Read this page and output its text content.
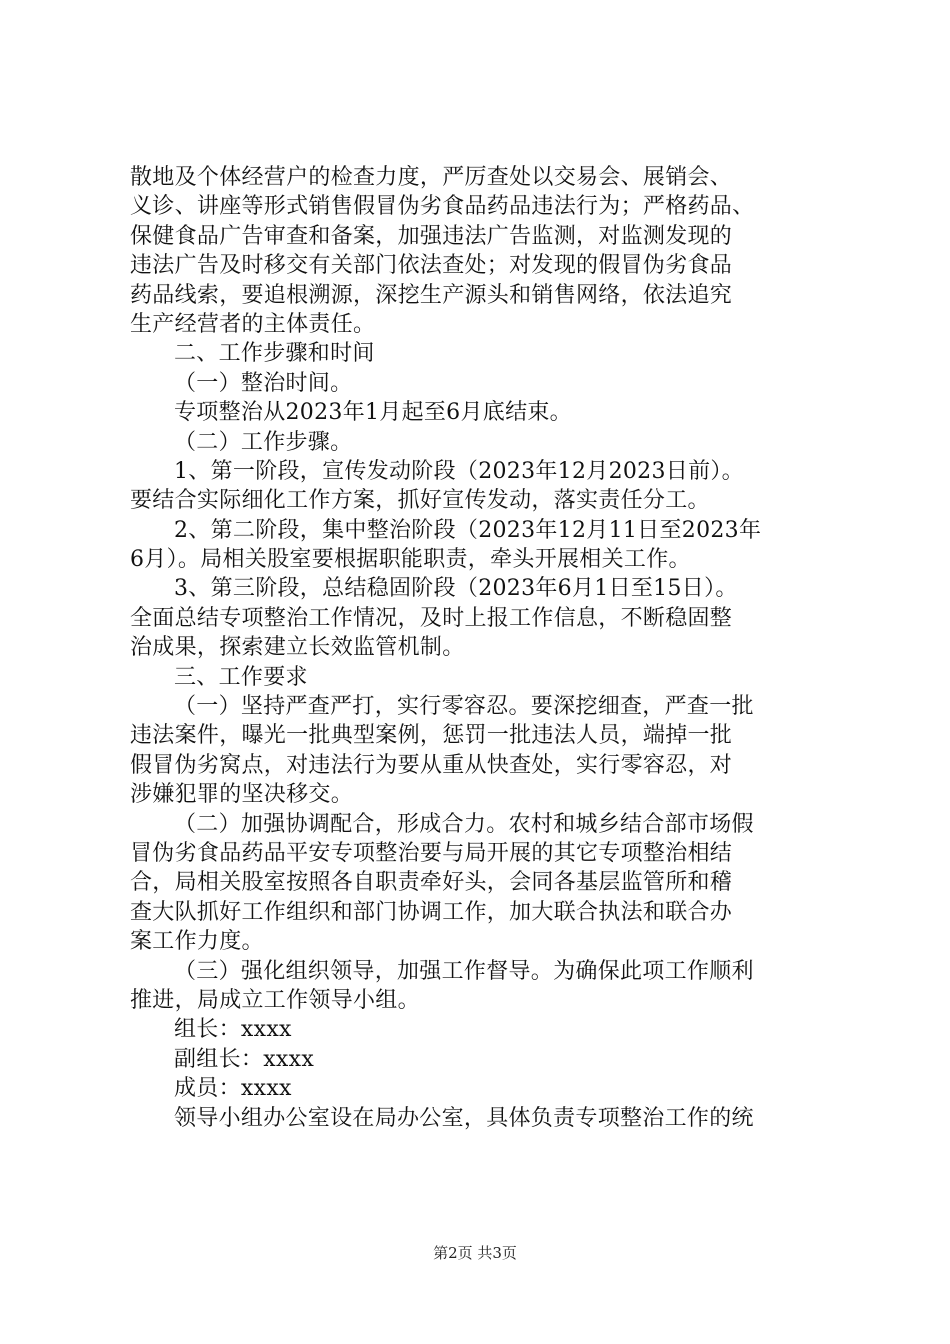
散地及个体经营户的检查力度，严厉查处以交易会、展销会、
义诊、讲座等形式销售假冒伪劣食品药品违法行为；严格药品、
保健食品广告审查和备案，加强违法广告监测，对监测发现的
违法广告及时移交有关部门依法查处；对发现的假冒伪劣食品
药品线索，要追根溯源，深挖生产源头和销售网络，依法追究
生产经营者的主体责任。
二、工作步骤和时间
（一）整治时间。
专项整治从2023年1月起至6月底结束。
（二）工作步骤。
1、第一阶段，宣传发动阶段（2023年12月2023日前）。
要结合实际细化工作方案，抓好宣传发动，落实责任分工。
2、第二阶段，集中整治阶段（2023年12月11日至2023年
6月）。局相关股室要根据职能职责，牵头开展相关工作。
3、第三阶段，总结稳固阶段（2023年6月1日至15日）。
全面总结专项整治工作情况，及时上报工作信息，不断稳固整
治成果，探索建立长效监管机制。
三、工作要求
（一）坚持严查严打，实行零容忍。要深挖细查，严查一批
违法案件，曝光一批典型案例，惩罚一批违法人员，端掉一批
假冒伪劣窝点，对违法行为要从重从快查处，实行零容忍，对
涉嫌犯罪的坚决移交。
（二）加强协调配合，形成合力。农村和城乡结合部市场假
冒伪劣食品药品平安专项整治要与局开展的其它专项整治相结
合，局相关股室按照各自职责牵好头，会同各基层监管所和稽
查大队抓好工作组织和部门协调工作，加大联合执法和联合办
案工作力度。
（三）强化组织领导，加强工作督导。为确保此项工作顺利
推进，局成立工作领导小组。
组长：xxxx
副组长：xxxx
成员：xxxx
领导小组办公室设在局办公室，具体负责专项整治工作的统
第2页 共3页
